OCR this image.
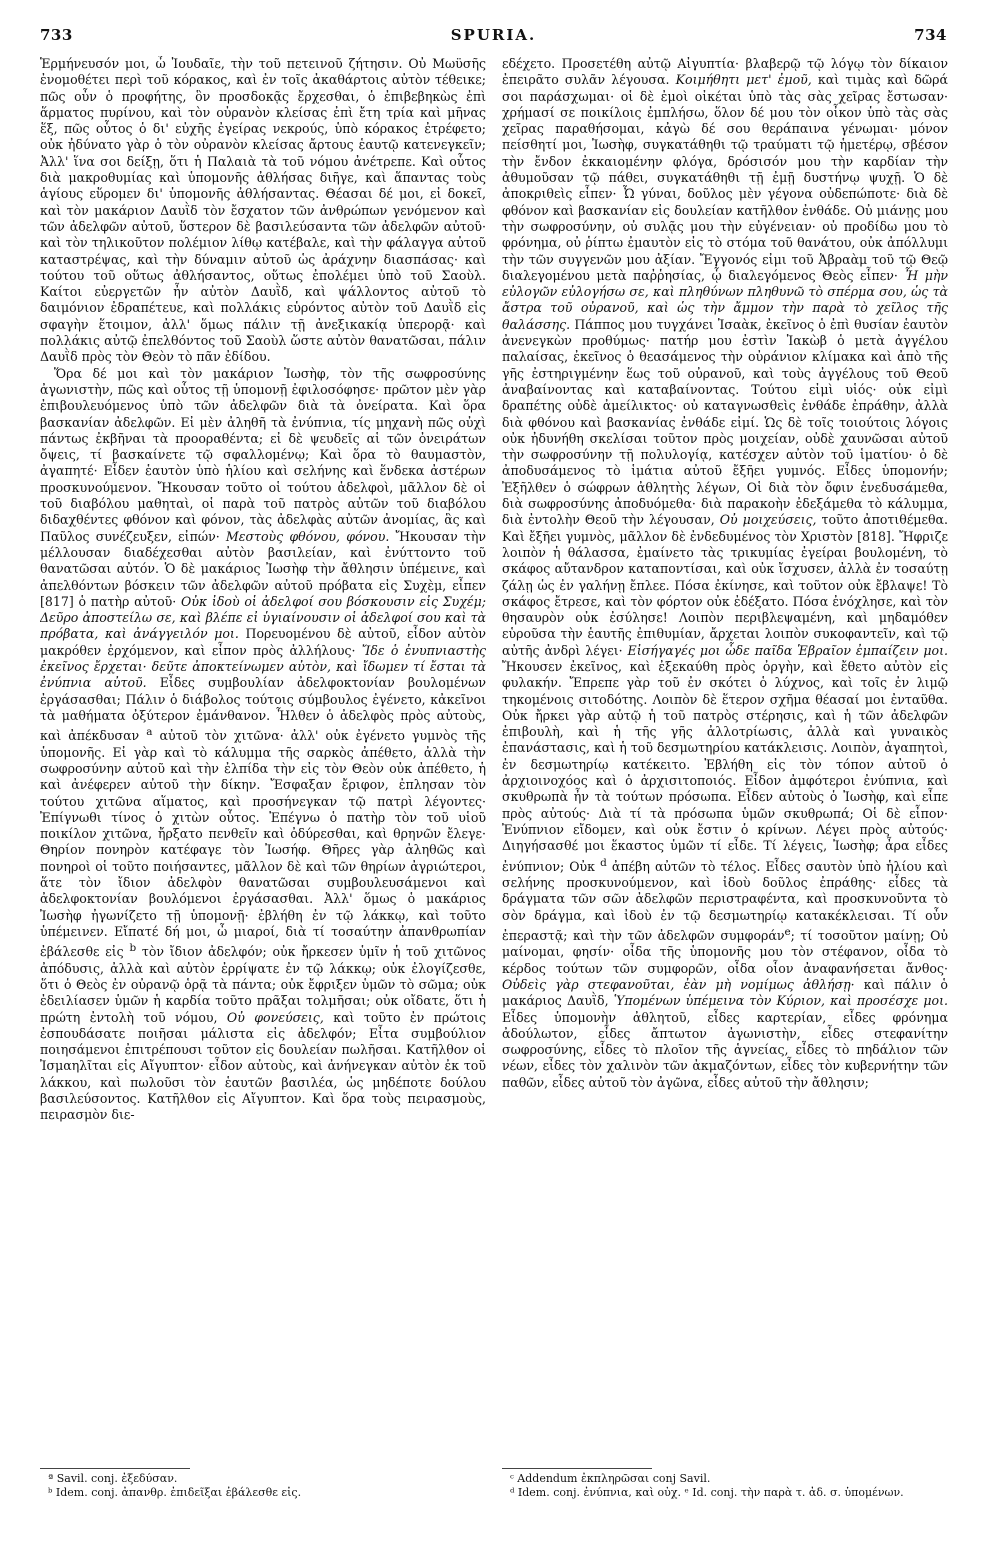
733	SPURIA.	734

Ἑρμήνευσόν μοι, ὦ Ἰουδαῖε, τὴν τοῦ πετεινοῦ ζήτησιν. Οὐ Μωϋσῆς ἐνομοθέτει περὶ τοῦ κόρακος, καὶ ἐν τοῖς ἀκαθάρτοις αὐτὸν τέθεικε; πῶς οὖν ὁ προφήτης, ὃν προσδοκᾷς ἔρχεσθαι, ὁ ἐπιβεβηκὼς ἐπὶ ἅρματος πυρίνου, καὶ τὸν οὐρανὸν κλείσας ἐπὶ ἔτη τρία καὶ μῆνας ἕξ, πῶς οὗτος ὁ δι' εὐχῆς ἐγείρας νεκρούς, ὑπὸ κόρακος ἐτρέφετο; οὐκ ἠδύνατο γὰρ ὁ τὸν οὐρανὸν κλείσας ἄρτους ἑαυτῷ κατενεγκεῖν; Ἀλλ' ἵνα σοι δείξῃ, ὅτι ἡ Παλαιὰ τὰ τοῦ νόμου ἀνέτρεπε. Καὶ οὗτος διὰ μακροθυμίας καὶ ὑπομονῆς ἀθλήσας διῆγε, καὶ ἅπαντας τοὺς ἁγίους εὕρομεν δι' ὑπομονῆς ἀθλήσαντας. Θέασαι δέ μοι, εἰ δοκεῖ, καὶ τὸν μακάριον Δαυῒδ τὸν ἔσχατον τῶν ἀνθρώπων γενόμενον καὶ τῶν ἀδελφῶν αὐτοῦ, ὕστερον δὲ βασιλεύσαντα τῶν ἀδελφῶν αὐτοῦ· καὶ τὸν τηλικοῦτον πολέμιον λίθῳ κατέβαλε, καὶ τὴν φάλαγγα αὐτοῦ καταστρέψας, καὶ τὴν δύναμιν αὐτοῦ ὡς ἀράχνην διασπάσας· καὶ τούτου τοῦ οὕτως ἀθλήσαντος, οὕτως ἐπολέμει ὑπὸ τοῦ Σαοὺλ. Καίτοι εὐεργετῶν ἦν αὐτὸν Δαυῒδ, καὶ ψάλλοντος αὐτοῦ τὸ δαιμόνιον ἐδραπέτευε, καὶ πολλάκις εὑρόντος αὐτὸν τοῦ Δαυῒδ εἰς σφαγὴν ἕτοιμον, ἀλλ' ὅμως πάλιν τῇ ἀνεξικακίᾳ ὑπερορᾷ· καὶ πολλάκις αὐτῷ ἐπελθόντος τοῦ Σαοὺλ ὥστε αὐτὸν θανατῶσαι, πάλιν Δαυῒδ πρὸς τὸν Θεὸν τὸ πᾶν ἐδίδου.

Ὅρα δέ μοι καὶ τὸν μακάριον Ἰωσὴφ, τὸν τῆς σωφροσύνης ἀγωνιστὴν, πῶς καὶ οὗτος τῇ ὑπομονῇ ἐφιλοσόφησε· πρῶτον μὲν γὰρ ἐπιβουλευόμενος ὑπὸ τῶν ἀδελφῶν διὰ τὰ ὀνείρατα. Καὶ ὅρα βασκανίαν ἀδελφῶν. Εἰ μὲν ἀληθῆ τὰ ἐνύπνια, τίς μηχανὴ πῶς οὐχὶ πάντως ἐκβῆναι τὰ προοραθέντα; εἰ δὲ ψευδεῖς αἱ τῶν ὀνειράτων ὄψεις, τί βασκαίνετε τῷ σφαλλομένῳ; Καὶ ὅρα τὸ θαυμαστὸν, ἀγαπητέ· Εἶδεν ἑαυτὸν ὑπὸ ἡλίου καὶ σελήνης καὶ ἕνδεκα ἀστέρων προσκυνούμενον. Ἤκουσαν τοῦτο οἱ τούτου ἀδελφοὶ, μᾶλλον δὲ οἱ τοῦ διαβόλου μαθηταὶ, οἱ παρὰ τοῦ πατρὸς αὐτῶν τοῦ διαβόλου διδαχθέντες φθόνον καὶ φόνον, τὰς ἀδελφὰς αὐτῶν ἀνομίας, ἃς καὶ Παῦλος συνέζευξεν, εἰπών· Μεστοὺς φθόνου, φόνου. Ἤκουσαν τὴν μέλλουσαν διαδέχεσθαι αὐτὸν βασιλείαν, καὶ ἐνύττοντο τοῦ θανατῶσαι αὐτόν. Ὁ δὲ μακάριος Ἰωσὴφ τὴν ἄθλησιν ὑπέμεινε, καὶ ἀπελθόντων βόσκειν τῶν ἀδελφῶν αὐτοῦ πρόβατα εἰς Συχὲμ, εἶπεν [817] ὁ πατὴρ αὐτοῦ· Οὐκ ἰδοὺ οἱ ἀδελφοί σου βόσκουσιν εἰς Συχέμ; Δεῦρο ἀποστείλω σε, καὶ βλέπε εἰ ὑγιαίνουσιν οἱ ἀδελφοί σου καὶ τὰ πρόβατα, καὶ ἀνάγγειλόν μοι. Πορευομένου δὲ αὐτοῦ, εἶδον αὐτὸν μακρόθεν ἐρχόμενον, καὶ εἶπον πρὸς ἀλλήλους· Ἴδε ὁ ἐνυπνιαστὴς ἐκεῖνος ἔρχεται· δεῦτε ἀποκτείνωμεν αὐτὸν, καὶ ἴδωμεν τί ἔσται τὰ ἐνύπνια αὐτοῦ. Εἶδες συμβουλίαν ἀδελφοκτονίαν βουλομένων ἐργάσασθαι; Πάλιν ὁ διάβολος τούτοις σύμβουλος ἐγένετο, κἀκεῖνοι τὰ μαθήματα ὀξύτερον ἐμάνθανον. Ἦλθεν ὁ ἀδελφὸς πρὸς αὐτοὺς, καὶ ἀπέκδυσαν $^a$ αὐτοῦ τὸν χιτῶνα· ἀλλ' οὐκ ἐγένετο γυμνὸς τῆς ὑπομονῆς. Εἰ γὰρ καὶ τὸ κάλυμμα τῆς σαρκὸς ἀπέθετο, ἀλλὰ τὴν σωφροσύνην αὐτοῦ καὶ τὴν ἐλπίδα τὴν εἰς τὸν Θεὸν οὐκ ἀπέθετο, ἡ καὶ ἀνέφερεν αὐτοῦ τὴν δίκην. Ἔσφαξαν ἔριφον, ἐπλησαν τὸν τούτου χιτῶνα αἵματος, καὶ προσήνεγκαν τῷ πατρὶ λέγοντες· Ἐπίγνωθι τίνος ὁ χιτὼν οὗτος. Ἐπέγνω ὁ πατὴρ τὸν τοῦ υἱοῦ ποικίλον χιτῶνα, ἤρξατο πενθεῖν καὶ ὀδύρεσθαι, καὶ θρηνῶν ἔλεγε· Θηρίον πονηρὸν κατέφαγε τὸν Ἰωσήφ. Θῆρες γὰρ ἀληθῶς καὶ πονηροὶ οἱ τοῦτο ποιήσαντες, μᾶλλον δὲ καὶ τῶν θηρίων ἀγριώτεροι, ἅτε τὸν ἴδιον ἀδελφὸν θανατῶσαι συμβουλευσάμενοι καὶ ἀδελφοκτονίαν βουλόμενοι ἐργάσασθαι. Ἀλλ' ὅμως ὁ μακάριος Ἰωσὴφ ἠγωνίζετο τῇ ὑπομονῇ· ἐβλήθη ἐν τῷ λάκκῳ, καὶ τοῦτο ὑπέμεινεν. Εἴπατέ δή μοι, ὦ μιαροί, διὰ τί τοσαύτην ἀπανθρωπίαν ἐβάλεσθε εἰς $^b$ τὸν ἴδιον ἀδελφόν; οὐκ ἤρκεσεν ὑμῖν ἡ τοῦ χιτῶνος ἀπόδυσις, ἀλλὰ καὶ αὐτὸν ἐρρίψατε ἐν τῷ λάκκῳ; οὐκ ἐλογίζεσθε, ὅτι ὁ Θεὸς ἐν οὐρανῷ ὁρᾷ τὰ πάντα; οὐκ ἔφριξεν ὑμῶν τὸ σῶμα; οὐκ ἐδειλίασεν ὑμῶν ἡ καρδία τοῦτο πρᾶξαι τολμῆσαι; οὐκ οἴδατε, ὅτι ἡ πρώτη ἐντολὴ τοῦ νόμου, Οὐ φονεύσεις, καὶ τοῦτο ἐν πρώτοις ἐσπουδάσατε ποιῆσαι μάλιστα εἰς ἀδελφόν; Εἶτα συμβούλιον ποιησάμενοι ἐπιτρέπουσι τοῦτον εἰς δουλείαν πωλῆσαι. Κατῆλθον οἱ Ἰσμαηλῖται εἰς Αἴγυπτον· εἶδον αὐτοὺς, καὶ ἀνήνεγκαν αὐτὸν ἐκ τοῦ λάκκου, καὶ πωλοῦσι τὸν ἑαυτῶν βασιλέα, ὡς μηδέποτε δούλου βασιλεύσοντος. Κατῆλθον εἰς Αἴγυπτον. Καὶ ὅρα τοὺς πειρασμοὺς, πειρασμὸν διε-

ª Savil. conj. ἐξεδύσαν.

ᵇ Idem. conj. ἀπανθρ. ἐπιδεῖξαι ἐβάλεσθε εἰς.

εδέχετο. Προσετέθη αὐτῷ Αἰγυπτία· βλαβερῷ τῷ λόγῳ τὸν δίκαιον ἐπειρᾶτο συλᾶν λέγουσα. Κοιμήθητι μετ' ἐμοῦ, καὶ τιμὰς καὶ δῶρά σοι παράσχωμαι· οἱ δὲ ἐμοὶ οἰκέται ὑπὸ τὰς σὰς χεῖρας ἔστωσαν· χρήμασί σε ποικίλοις ἐμπλήσω, ὅλον δέ μου τὸν οἶκον ὑπὸ τὰς σὰς χεῖρας παραθήσομαι, κἀγὼ δέ σου θεράπαινα γένωμαι· μόνον πείσθητί μοι, Ἰωσὴφ, συγκατάθηθι τῷ τραύματι τῷ ἡμετέρῳ, σβέσον τὴν ἔνδον ἐκκαιομένην φλόγα, δρόσισόν μου τὴν καρδίαν τὴν ἀθυμοῦσαν τῷ πάθει, συγκατάθηθι τῇ ἐμῇ δυστήνῳ ψυχῇ. Ὁ δὲ ἀποκριθεὶς εἶπεν· Ὦ γύναι, δοῦλος μὲν γέγονα οὐδεπώποτε· διὰ δὲ φθόνον καὶ βασκανίαν εἰς δουλείαν κατῆλθον ἐνθάδε. Οὐ μιάνῃς μου τὴν σωφροσύνην, οὐ συλᾷς μου τὴν εὐγένειαν· οὐ προδίδω μου τὸ φρόνημα, οὐ ῥίπτω ἐμαυτὸν εἰς τὸ στόμα τοῦ θανάτου, οὐκ ἀπόλλυμι τὴν τῶν συγγενῶν μου ἀξίαν. Ἔγγονός εἰμι τοῦ Ἀβραὰμ τοῦ τῷ Θεῷ διαλεγομένου μετὰ παῤῥησίας, ᾧ διαλεγόμενος Θεὸς εἶπεν· Ἦ μὴν εὐλογῶν εὐλογήσω σε, καὶ πληθύνων πληθυνῶ τὸ σπέρμα σου, ὡς τὰ ἄστρα τοῦ οὐρανοῦ, καὶ ὡς τὴν ἄμμον τὴν παρὰ τὸ χεῖλος τῆς θαλάσσης. Πάππος μου τυγχάνει Ἰσαὰκ, ἐκεῖνος ὁ ἐπὶ θυσίαν ἑαυτὸν ἀνενεγκὼν προθύμως· πατήρ μου ἐστὶν Ἰακὼβ ὁ μετὰ ἀγγέλου παλαίσας, ἐκεῖνος ὁ θεασάμενος τὴν οὐράνιον κλίμακα καὶ ἀπὸ τῆς γῆς ἐστηριγμένην ἕως τοῦ οὐρανοῦ, καὶ τοὺς ἀγγέλους τοῦ Θεοῦ ἀναβαίνοντας καὶ καταβαίνοντας. Τούτου εἰμὶ υἱός· οὐκ εἰμὶ δραπέτης οὐδὲ ἀμείλικτος· οὐ καταγνωσθεὶς ἐνθάδε ἐπράθην, ἀλλὰ διὰ φθόνου καὶ βασκανίας ἐνθάδε εἰμί. Ὡς δὲ τοῖς τοιούτοις λόγοις οὐκ ἠδυνήθη σκελίσαι τοῦτον πρὸς μοιχείαν, οὐδὲ χαυνῶσαι αὐτοῦ τὴν σωφροσύνην τῇ πολυλογίᾳ, κατέσχεν αὐτὸν τοῦ ἱματίου· ὁ δὲ ἀποδυσάμενος τὸ ἱμάτια αὐτοῦ ἔξῆει γυμνός. Εἶδες ὑπομονήν; Ἐξῆλθεν ὁ σώφρων ἀθλητὴς λέγων, Οἱ διὰ τὸν ὄφιν ἐνεδυσάμεθα, διὰ σωφροσύνης ἀποδυόμεθα· διὰ παρακοὴν ἐδεξάμεθα τὸ κάλυμμα, διὰ ἐντολὴν Θεοῦ τὴν λέγουσαν, Οὐ μοιχεύσεις, τοῦτο ἀποτιθέμεθα. Καὶ ἔξῆει γυμνὸς, μᾶλλον δὲ ἐνδεδυμένος τὸν Χριστὸν [818]. Ἤφριζε λοιπὸν ἡ θάλασσα, ἐμαίνετο τὰς τρικυμίας ἐγείραι βουλομένη, τὸ σκάφος αὔτανδρον καταποντίσαι, καὶ οὐκ ἴσχυσεν, ἀλλὰ ἐν τοσαύτῃ ζάλῃ ὡς ἐν γαλήνῃ ἔπλεε. Πόσα ἐκίνησε, καὶ τοῦτον οὐκ ἔβλαψε! Τὸ σκάφος ἔτρεσε, καὶ τὸν φόρτον οὐκ ἐδέξατο. Πόσα ἐνόχλησε, καὶ τὸν θησαυρὸν οὐκ ἐσύλησε! Λοιπὸν περιβλεψαμένη, καὶ μηδαμόθεν εὑροῦσα τὴν ἑαυτῆς ἐπιθυμίαν, ἄρχεται λοιπὸν συκοφαντεῖν, καὶ τῷ αὐτῆς ἀνδρὶ λέγει· Εἰσήγαγές μοι ὧδε παῖδα Ἑβραῖον ἐμπαίζειν μοι. Ἤκουσεν ἐκεῖνος, καὶ ἐξεκαύθη πρὸς ὀργὴν, καὶ ἔθετο αὐτὸν εἰς φυλακήν. Ἔπρεπε γὰρ τοῦ ἐν σκότει ὁ λύχνος, καὶ τοῖς ἐν λιμῷ τηκομένοις σιτοδότης. Λοιπὸν δὲ ἕτερον σχῆμα θέασαί μοι ἐνταῦθα. Οὐκ ἤρκει γὰρ αὐτῷ ἡ τοῦ πατρὸς στέρησις, καὶ ἡ τῶν ἀδελφῶν ἐπιβουλὴ, καὶ ἡ τῆς γῆς ἀλλοτρίωσις, ἀλλὰ καὶ γυναικὸς ἐπανάστασις, καὶ ἡ τοῦ δεσμωτηρίου κατάκλεισις. Λοιπὸν, ἀγαπητοὶ, ἐν δεσμωτηρίῳ κατέκειτο. Ἐβλήθη εἰς τὸν τόπον αὐτοῦ ὁ ἀρχιοινοχόος καὶ ὁ ἀρχισιτοποιός. Εἶδον ἀμφότεροι ἐνύπνια, καὶ σκυθρωπὰ ἦν τὰ τούτων πρόσωπα. Εἶδεν αὐτοὺς ὁ Ἰωσὴφ, καὶ εἶπε πρὸς αὐτούς· Διὰ τί τὰ πρόσωπα ὑμῶν σκυθρωπά; Οἱ δὲ εἶπον· Ἐνύπνιον εἴδομεν, καὶ οὐκ ἔστιν ὁ κρίνων. Λέγει πρὸς αὐτούς· Διηγήσασθέ μοι ἕκαστος ὑμῶν τί εἶδε. Τί λέγεις, Ἰωσὴφ; ἆρα εἶδες ἐνύπνιον; Οὐκ $^d$ ἀπέβη αὐτῶν τὸ τέλος. Εἶδες σαυτὸν ὑπὸ ἡλίου καὶ σελήνης προσκυνούμενον, καὶ ἰδοὺ δοῦλος ἐπράθης· εἶδες τὰ δράγματα τῶν σῶν ἀδελφῶν περιστραφέντα, καὶ προσκυνοῦντα τὸ σὸν δράγμα, καὶ ἰδοὺ ἐν τῷ δεσμωτηρίῳ κατακέκλεισαι. Τί οὖν ἐπεραστᾷ; καὶ τὴν τῶν ἀδελφῶν συμφοράν$^e$; τί τοσοῦτον μαίνῃ; Οὐ μαίνομαι, φησίν· οἶδα τῆς ὑπομονῆς μου τὸν στέφανον, οἶδα τὸ κέρδος τούτων τῶν συμφορῶν, οἶδα οἷον ἀναφανήσεται ἄνθος· Οὐδεὶς γὰρ στεφανοῦται, ἐὰν μὴ νομίμως ἀθλήσῃ· καὶ πάλιν ὁ μακάριος Δαυῒδ, Ὑπομένων ὑπέμεινα τὸν Κύριον, καὶ προσέσχε μοι. Εἶδες ὑπομονὴν ἀθλητοῦ, εἶδες καρτερίαν, εἶδες φρόνημα ἀδούλωτον, εἶδες ἄπτωτον ἀγωνιστὴν, εἶδες στεφανίτην σωφροσύνης, εἶδες τὸ πλοῖον τῆς ἁγνείας, εἶδες τὸ πηδάλιον τῶν νέων, εἶδες τὸν χαλινὸν τῶν ἀκμαζόντων, εἶδες τὸν κυβερνήτην τῶν παθῶν, εἶδες αὐτοῦ τὸν ἀγῶνα, εἶδες αὐτοῦ τὴν ἄθλησιν;

ᶜ Addendum ἐκπληρῶσαι conj Savil.

ᵈ Idem. conj. ἐνύπνια, καὶ οὐχ. ᵉ Id. conj. τὴν παρὰ τ. ἀδ. σ. ὑπομένων.
